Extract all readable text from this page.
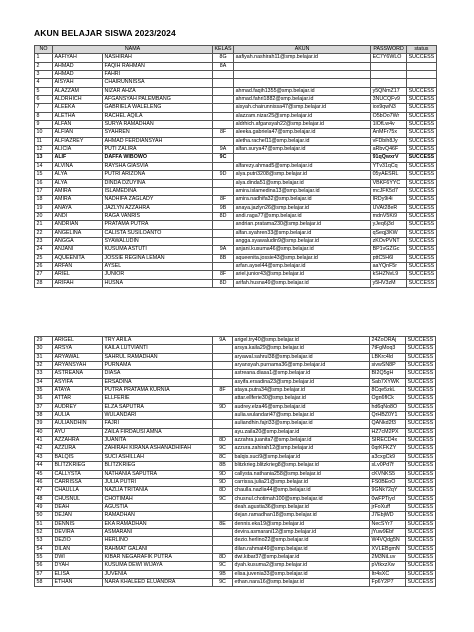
AKUN BELAJAR SISWA 2023/2024
NO	NAMA		KELAS	AKUN	PASSWORD	status
1	AAFIYAH	NASHIRAH	8G	aafiyah.nashirah11@smp.belajar.id	EC7Y6WLO	SUCCESS
2	AHMAD	FAQIH RAHMAN	8A			
3	AHMAD	FAHRI				
4	AISYAH	CHAIRUNNISSA				
5	ALAZZAM	NIZAR AHZA		ahmad.faqih1355@smp.belajar.id	y5QNmZ17	SUCCESS
6	ALDRHICH	AFGANSYAH PALEMBANG		ahmad.fahri1882@smp.belajar.id	3NUCQFv9	SUCCESS
7	ALEEKA	GABRIELA WALELENG		aisyah.chairunnissa47@smp.belajar.id	iox9qwN3	SUCCESS
8	ALETHA	RACHEL AQILA		alazzam.nizar25@smp.belajar.id	O5bOo7Wr	SUCCESS
9	ALFAN	SURYA RAMADHAN		aldrhich.afgansyah22@smp.belajar.id	1lOfLw4v	SUCCESS
10	ALFIAN	SYAHREN	8F	aleeka.gabriela47@smp.belajar.id	AnMFr75x	SUCCESS
11	ALFIAZREY	AHMAD FERDIANSYAH		aletha.rachel11@smp.belajar.id	vFDbih8Jy	SUCCESS
12	ALICIA	PUTI ZALIRA	9A	alfan.surya47@smp.belajar.id	aRbvQ46F	SUCCESS
13	ALIF	DAFFA WIBOWO	9C		91qQwxrV	SUCCESS
14	ALVINA	RAYSHA GIASVIA		alfarezy.ahmad5@smp.belajar.id	YTv31qCq	SUCCESS
15	ALYA	PUTRI ARIZONA	9D	alya.putri3208@smp.belajar.id	05yAESRL	SUCCESS
16	ALYA	DINDA DZUYINA		alya.dinda51@smp.belajar.id	VBKF6YYC	SUCCESS
17	AMIRA	ISLAMEDINA		amira.islamedina13@smp.belajar.id	mcJFK5d7	SUCCESS
18	AMIRA	NADHIFA ZAGLADY	8F	amira.nadhifa32@smp.belajar.id	IRDy9i4i	SUCCESS
19	ANAYA	JAZLYN AZZAHRA	9B	anaya.jazlyn26@smp.belajar.id	UVAt28eR	SUCCESS
20	ANDI	RAGA VANRIS	8D	andi.raga77@smp.belajar.id	mdnV5Ki9	SUCCESS
21	ANDRIAN	PRATAMA PUTRA		andrian.pratama230@smp.belajar.id	yJeq6j3d	SUCCESS
22	ANGELINA	CALISTA SUSILOANTO		alfan.syahren33@smp.belajar.id	qSeqj3KW	SUCCESS
23	ANGGA	SYAWALUDIN		angga.syawaludin9@smp.belajar.id	zKOvPVNT	SUCCESS
24	ANJANI	KUSUMA ASTUTI	9A	anjani.kusuma46@smp.belajar.id	BP1vGZGc	SUCCESS
25	AQUEENITA	JOSSIE REGINA LEMAN	8B	aqueenita.jossie43@smp.belajar.id	pttC5H6l	SUCCESS
26	ARFAN	AYSEL		arfan.aysel44@smp.belajar.id	aaYQnF5r	SUCCESS
27	ARIEL	JUNIOR	8F	ariel.junior43@smp.belajar.id	kSHZNvL9	SUCCESS
28	ARIFAH	HUSNA	8D	arifah.husna49@smp.belajar.id	y5HV3zM	SUCCESS
29	ARIGEL	TRY ARILA	9A	arigel.try40@smp.belajar.id	24ZoORAj	SUCCESS
30	ARSYA	KAILA LUTVIANTI		arsya.kaila29@smp.belajar.id	7tFgMoq3	SUCCESS
31	ARYAWAL	SAHRUL RAMADHAN		aryawal.sahrul38@smp.belajar.id	LBKrc4ld	SUCCESS
32	ARYANSYAH	PURNAMA		aryansyah.purnama36@smp.belajar.id	sivwSN8P	SUCCESS
33	ASTREANA	DIASA		astreana.diasa1@smp.belajar.id	BI2Q5gH	SUCCESS
34	ASYIFA	ERSADINA		asyifa.ersadina23@smp.belajar.id	Sab7XYWK	SUCCESS
35	ATAYA	PUTRA PRATAMA KURNIA	8F	ataya.putra34@smp.belajar.id	8Cqe5zkL	SUCCESS
36	ATTAR	ELLFERIE		attar.ellferie30@smp.belajar.id	Ogn6fICk	SUCCESS
37	AUDREY	ELZA SAPUTRA	9D	audrey.elza46@smp.belajar.id	hd6qNo8O	SUCCESS
38	AULIA	WULANDARI		aulia.wulandari47@smp.belajar.id	QrHBZ0Y1	SUCCESS
39	AULIANDHIN	FAJRI		auliandhin.fajri33@smp.belajar.id	QANkd2f3	SUCCESS
40	AYU	ZAILA FIRDAUSI AMNA		ayu.zaila20@smp.belajar.id	HZ7cM2PX	SUCCESS
41	AZZAHRA	JUANITA	8D	azzahra.juanita7@smp.belajar.id	SIRECD4x	SUCCESS
42	AZZURA	ZAHIRAH KIRANA ASHANADHIFAH	9C	azzura.zahirah12@smp.belajar.id	0qrKFKZY	SUCCESS
43	BALQIS	SUCI ASHILLAH	8C	balqis.suci9@smp.belajar.id	a3cxgCk9	SUCCESS
44	BLITZKRIEG	BLITZKRIEG	8B	blitzkrieg.blitzkrieg8@smp.belajar.id	sLv0Pd7f	SUCCESS
45	CALLYSTA	NATHANIA SAPUTRA	9D	callysta.nathania258@smp.belajar.id	cKVNKS5	SUCCESS
46	CARRISSA	JULIA PUTRI	9D	carrissa.julia21@smp.belajar.id	FS0BEoO	SUCCESS
47	CHAULLA	NAZLIA TRITANIA	8D	chaulla.nazlia44@smp.belajar.id	9GNk72qY	SUCCESS
48	CHUSNUL	CHOTIMAH	9C	chusnul.chotimah100@smp.belajar.id	0wFPTiyd	SUCCESS
49	DEAH	AGUSTIA		deah.agustia36@smp.belajar.id	jrFoXuff	SUCCESS
50	DEJAN	RAMADHAN		dejan.ramadhan18@smp.belajar.id	J7EbjWD	SUCCESS
51	DENNIS	EKA RAMADHAN	8E	dennis.eka19@smp.belajar.id	NecSYr7	SUCCESS
52	DEVIRA	ASMARANI		devira.asmarani12@smp.belajar.id	jYuw9Ebf	SUCCESS
53	DEZIO	HERLINO		dezio.herlino22@smp.belajar.id	W4VQdg5N	SUCCESS
54	DILAN	RAHMAT GALANI		dilan.rahmat49@smp.belajar.id	XVLEBgmN	SUCCESS
55	DWI	KIBAR NEGARAFIK PUTRA	8D	dwi.kibar37@smp.belajar.id	2M3NiLuv	SUCCESS
56	DYAH	KUSUMA DEWI WIJAYA	9C	dyah.kusuma2@smp.belajar.id	pVtkxzXw	SUCCESS
57	ELISA	JUVENIA	9B	elisa.juvenia33@smp.belajar.id	Itr4sXC	SUCCESS
58	ETHAN	NARA KHALEED ELUANDRA	9C	ethan.nara16@smp.belajar.id	Fp6Y2P7	SUCCESS
